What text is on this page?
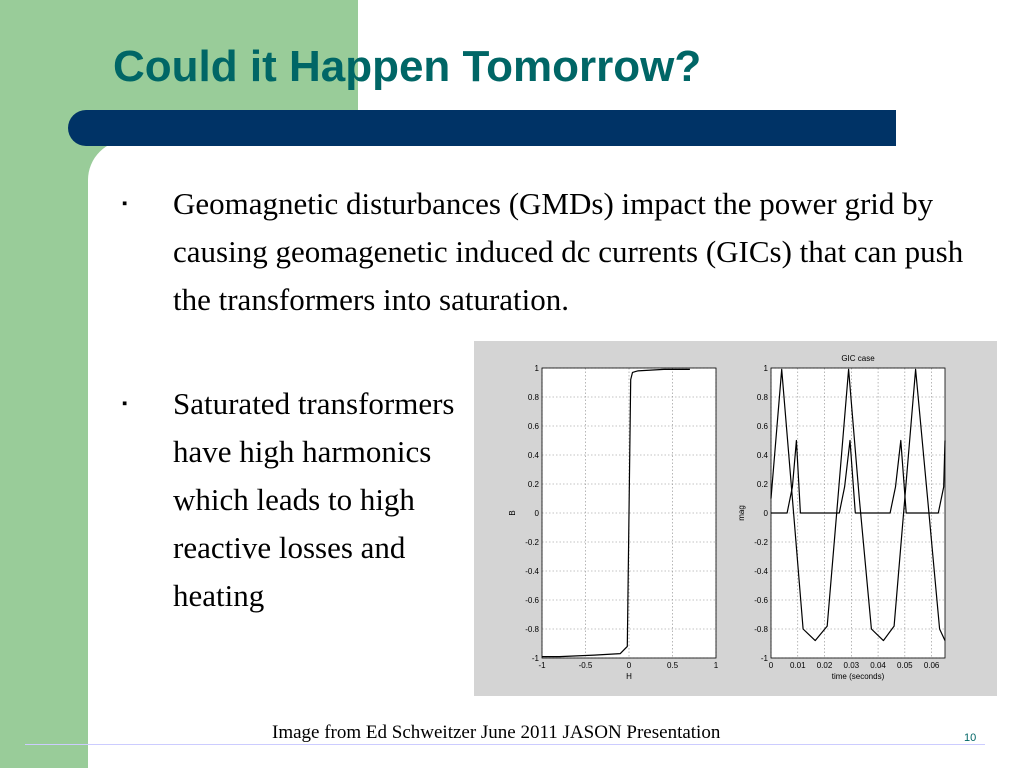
Could it Happen Tomorrow?
▪ Geomagnetic disturbances (GMDs) impact the power grid by causing geomagenetic induced dc currents (GICs) that can push the transformers into saturation.
▪ Saturated transformers have high harmonics which leads to high reactive losses and heating
-1	-0.5	0	0.5	1
-1
-0.8
-0.6
-0.4
-0.2
0
0.2
0.4
0.6
0.8
1
H
B
0 0.01 0.02 0.03 0.04 0.05 0.06
-1
-0.8
-0.6
-0.4
-0.2
0
0.2
0.4
0.6
0.8
1
GIC case
time (seconds)
mag
Image from Ed Schweitzer June 2011 JASON Presentation	10
